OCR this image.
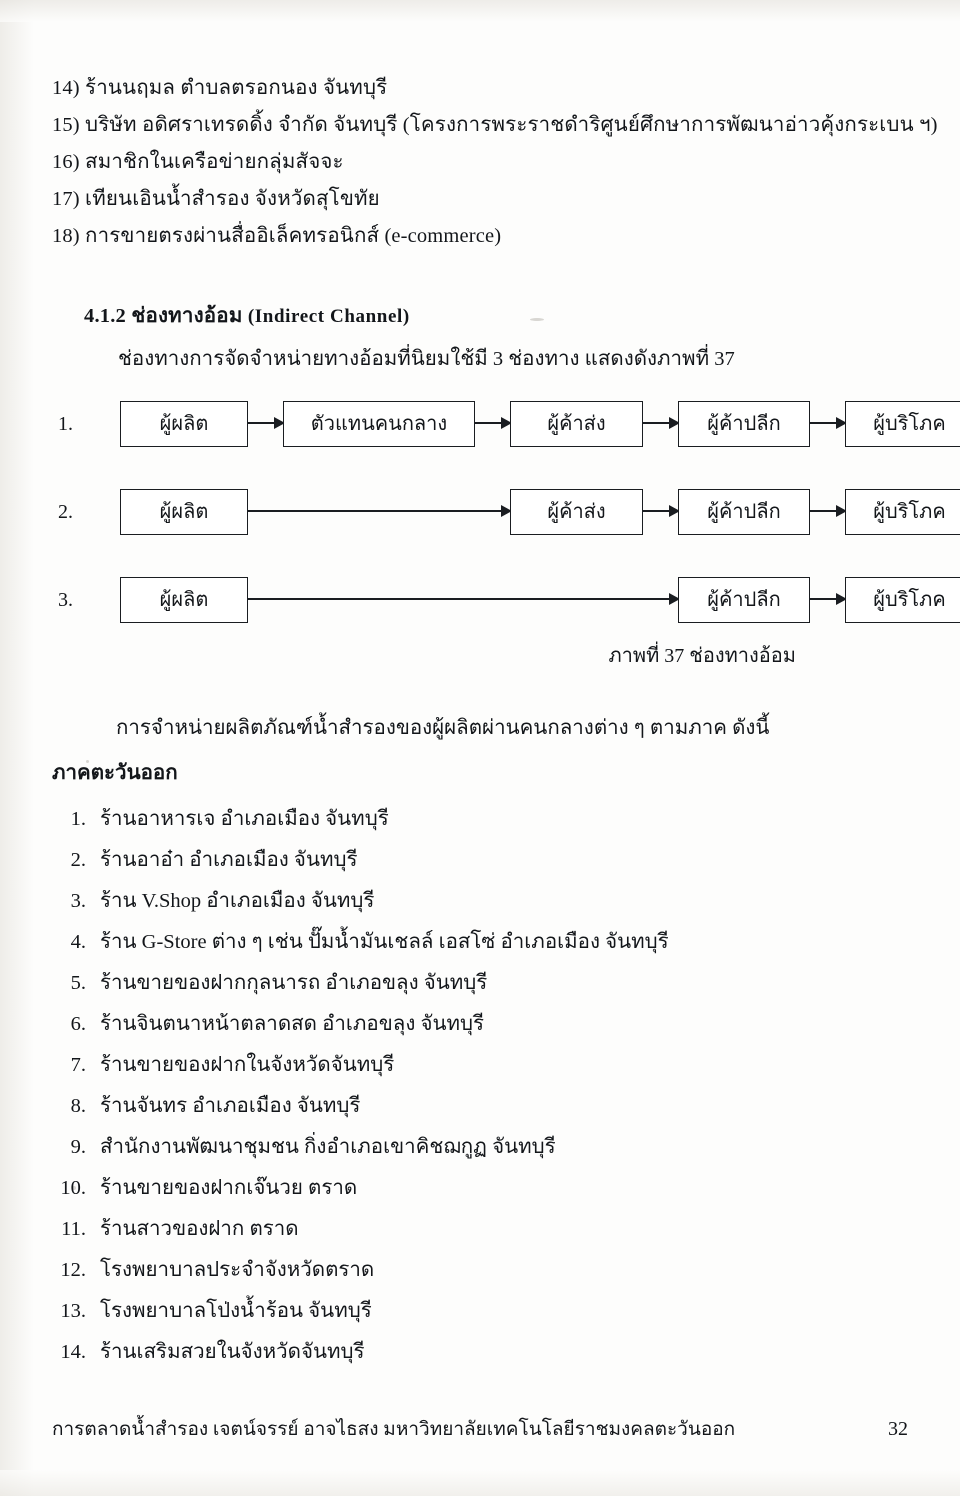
14) ร้านนฤมล ตำบลตรอกนอง จันทบุรี
15) บริษัท อดิศราเทรดดิ้ง จำกัด จันทบุรี (โครงการพระราชดำริศูนย์ศึกษาการพัฒนาอ่าวคุ้งกระเบน ฯ)
16) สมาชิกในเครือข่ายกลุ่มสัจจะ
17) เทียนเอินน้ำสำรอง จังหวัดสุโขทัย
18) การขายตรงผ่านสื่ออิเล็คทรอนิกส์ (e-commerce)
4.1.2 ช่องทางอ้อม (Indirect Channel)
ช่องทางการจัดจำหน่ายทางอ้อมที่นิยมใช้มี 3 ช่องทาง แสดงดังภาพที่ 37
1.	ผู้ผลิต	ตัวแทนคนกลาง	ผู้ค้าส่ง	ผู้ค้าปลีก	ผู้บริโภค
2.	ผู้ผลิต	ผู้ค้าส่ง	ผู้ค้าปลีก	ผู้บริโภค
3.	ผู้ผลิต	ผู้ค้าปลีก	ผู้บริโภค
ภาพที่ 37 ช่องทางอ้อม
การจำหน่ายผลิตภัณฑ์น้ำสำรองของผู้ผลิตผ่านคนกลางต่าง ๆ ตามภาค ดังนี้
ภาคตะวันออก
1. ร้านอาหารเจ อำเภอเมือง จันทบุรี
2. ร้านอาอ๋า อำเภอเมือง จันทบุรี
3. ร้าน V.Shop อำเภอเมือง จันทบุรี
4. ร้าน G-Store ต่าง ๆ เช่น ปั๊มน้ำมันเชลล์ เอสโซ่ อำเภอเมือง จันทบุรี
5. ร้านขายของฝากกุลนารถ อำเภอขลุง จันทบุรี
6. ร้านจินตนาหน้าตลาดสด อำเภอขลุง จันทบุรี
7. ร้านขายของฝากในจังหวัดจันทบุรี
8. ร้านจันทร อำเภอเมือง จันทบุรี
9. สำนักงานพัฒนาชุมชน กิ่งอำเภอเขาคิชฌกูฏ จันทบุรี
10. ร้านขายของฝากเจ๊นวย ตราด
11. ร้านสาวของฝาก ตราด
12. โรงพยาบาลประจำจังหวัดตราด
13. โรงพยาบาลโป่งน้ำร้อน จันทบุรี
14. ร้านเสริมสวยในจังหวัดจันทบุรี
การตลาดน้ำสำรอง เจตน์จรรย์ อาจไธสง มหาวิทยาลัยเทคโนโลยีราชมงคลตะวันออก	32
